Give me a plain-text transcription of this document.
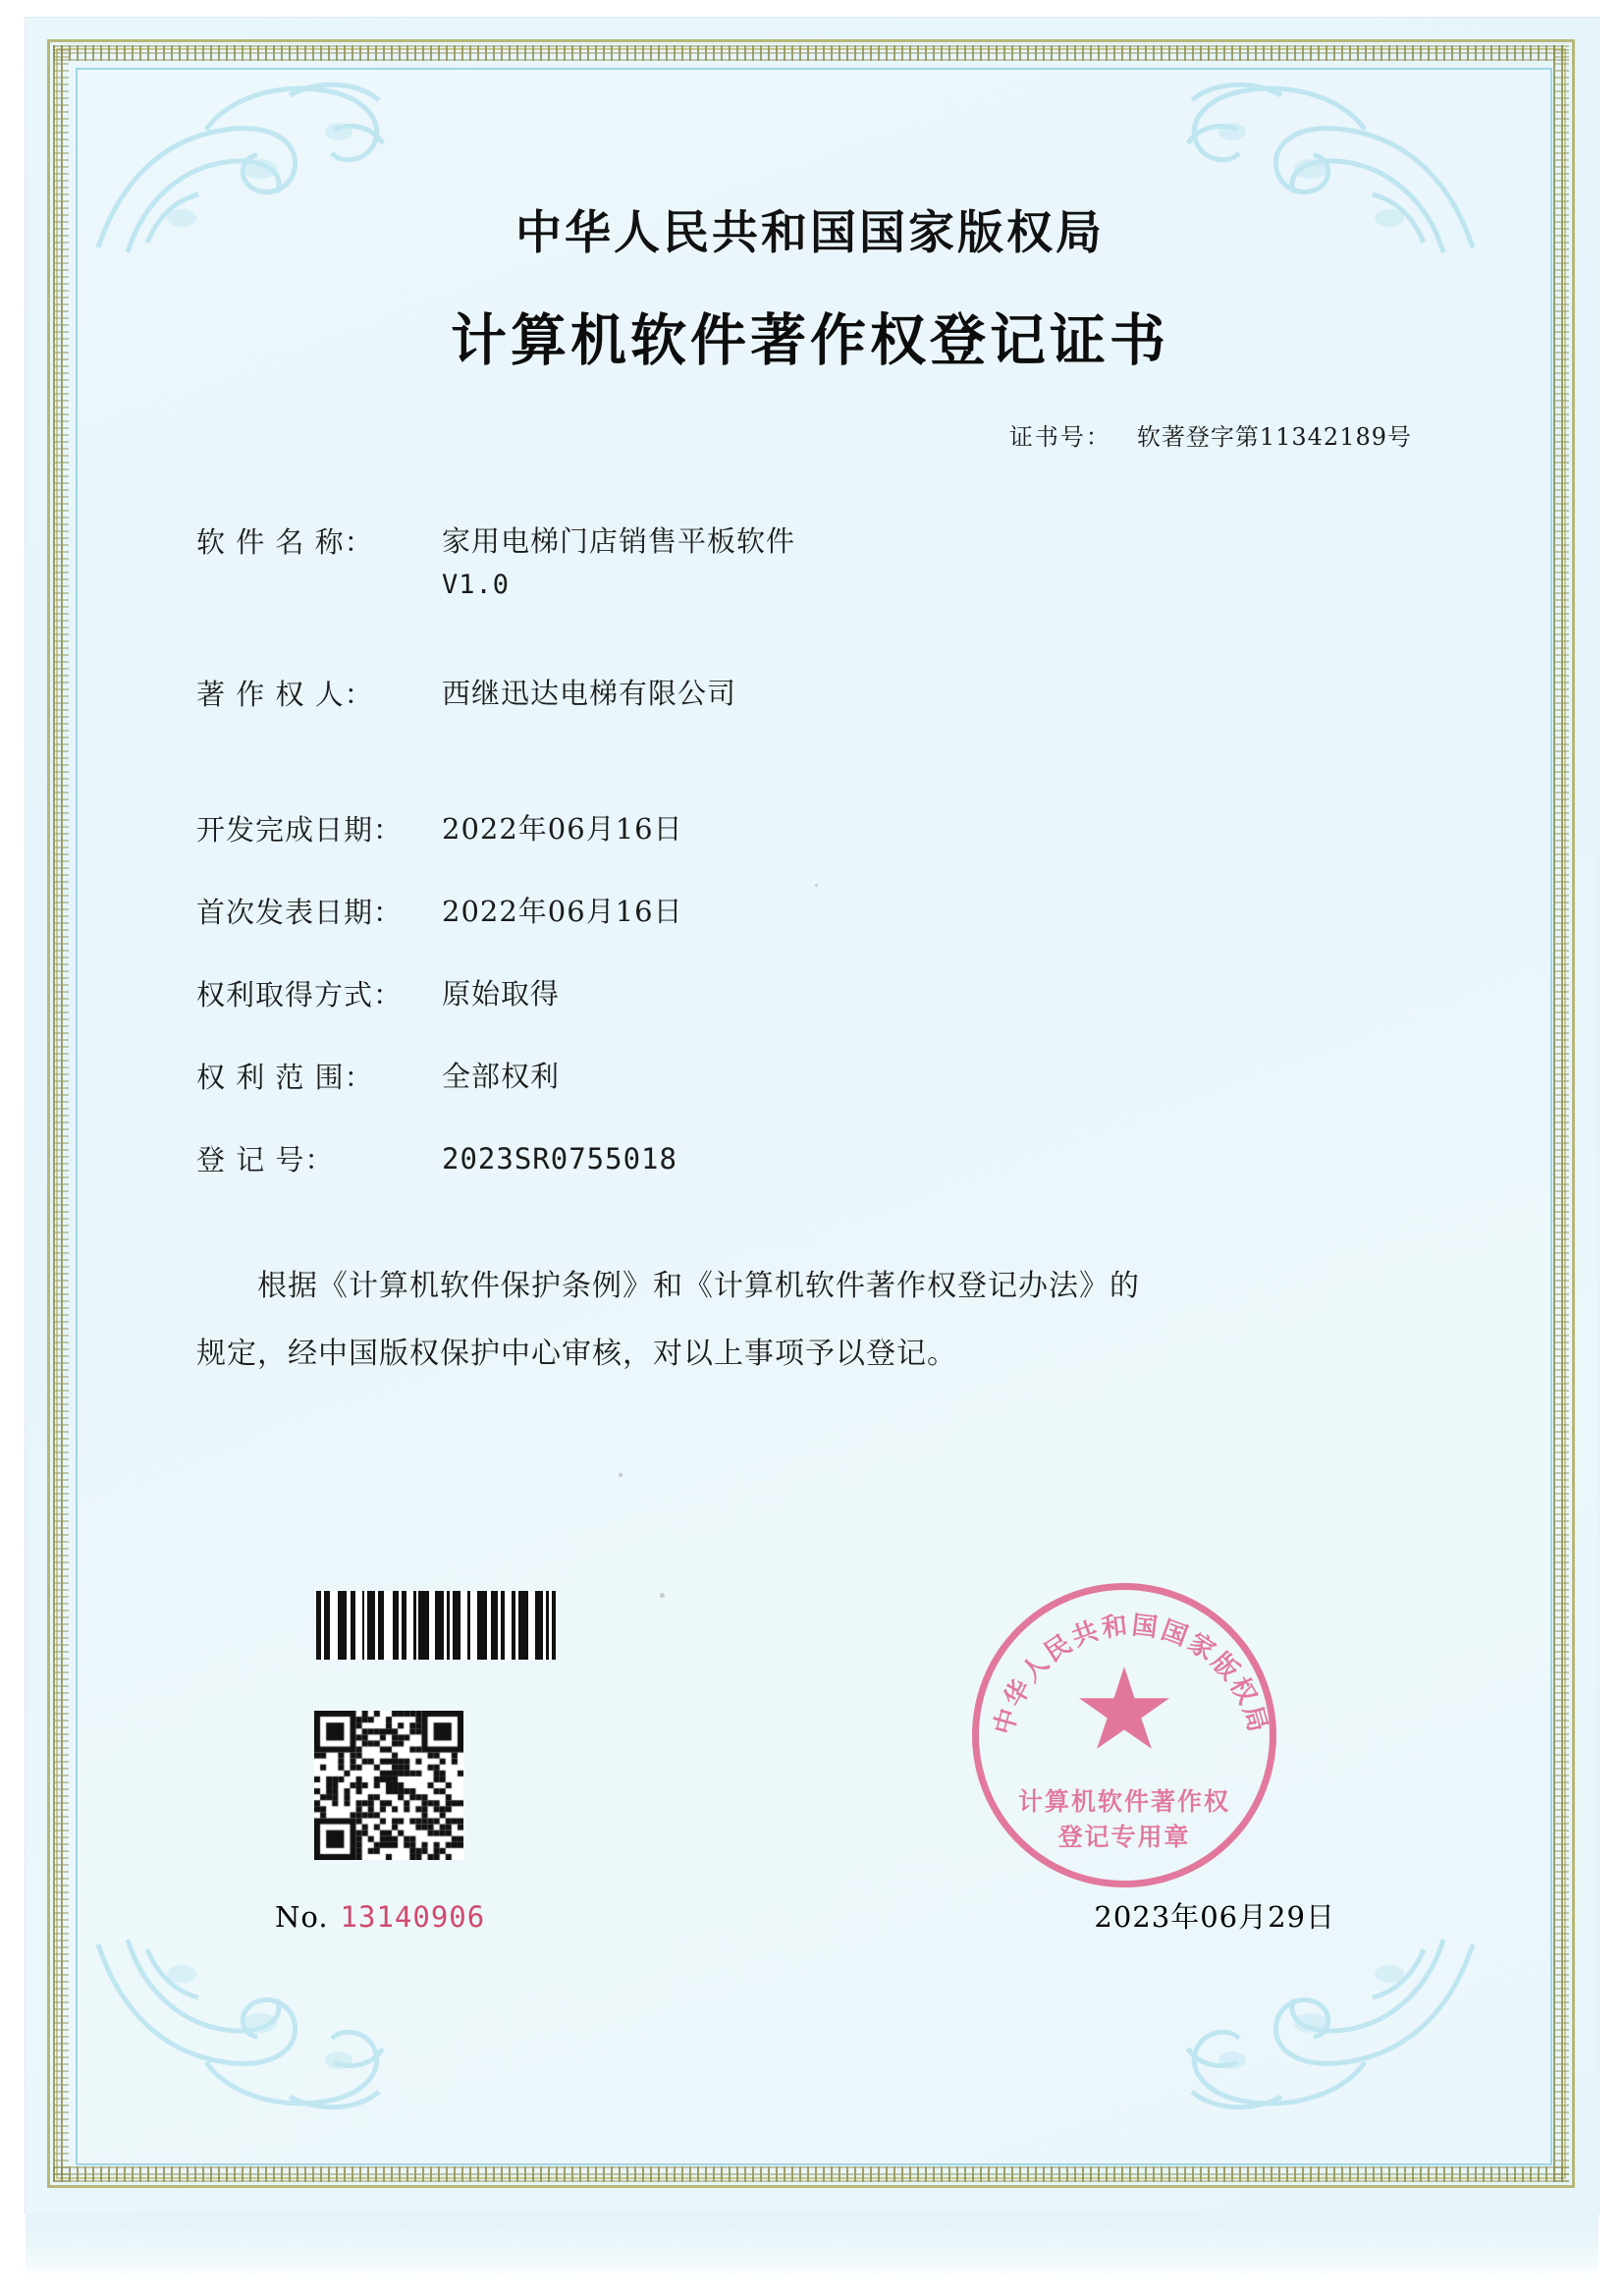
中华人民共和国国家版权局
计算机软件著作权登记证书
证书号： 软著登字第11342189号
软 件 名 称：	家用电梯门店销售平板软件
V1.0
著 作 权 人：	西继迅达电梯有限公司
开发完成日期：	2022年06月16日
首次发表日期：	2022年06月16日
权利取得方式：	原始取得
权 利 范 围：	全部权利
登 记 号：	2023SR0755018
根据《计算机软件保护条例》和《计算机软件著作权登记办法》的
规定，经中国版权保护中心审核，对以上事项予以登记。
中华人民共和国国家版权局
计算机软件著作权
登记专用章
No. 13140906	2023年06月29日
